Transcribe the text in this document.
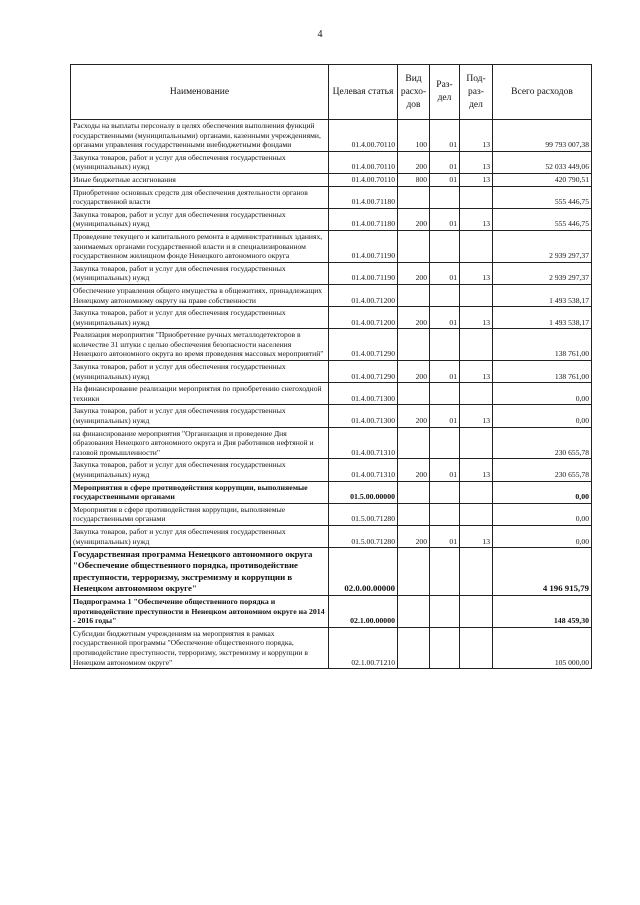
4
Наименование	Целевая статья	Вид расхо-дов	Раз-дел	Под-раз-дел	Всего расходов
Расходы на выплаты персоналу в целях обеспечения выполнения функций государственными (муниципальными) органами, казенными учреждениями, органами управления государственными внебюджетными фондами	01.4.00.70110	100	01	13	99 793 007,38
Закупка товаров, работ и услуг для обеспечения государственных (муниципальных) нужд	01.4.00.70110	200	01	13	52 033 449,06
Иные бюджетные ассигнования	01.4.00.70110	800	01	13	420 790,51
Приобретение основных средств для обеспечения деятельности органов государственной власти	01.4.00.71180				555 446,75
Закупка товаров, работ и услуг для обеспечения государственных (муниципальных) нужд	01.4.00.71180	200	01	13	555 446,75
Проведение текущего и капитального ремонта в административных зданиях, занимаемых органами государственной власти и в специализированном государственном жилищном фонде Ненецкого автономного округа	01.4.00.71190				2 939 297,37
Закупка товаров, работ и услуг для обеспечения государственных (муниципальных) нужд	01.4.00.71190	200	01	13	2 939 297,37
Обеспечение управления общего имущества в общежитиях, принадлежащих Ненецкому автономному округу на праве собственности	01.4.00.71200				1 493 538,17
Закупка товаров, работ и услуг для обеспечения государственных (муниципальных) нужд	01.4.00.71200	200	01	13	1 493 538,17
Реализация мероприятия "Приобретение ручных металлодетекторов в количестве 31 штуки с целью обеспечения безопасности населения Ненецкого автономного округа во время проведения массовых мероприятий"	01.4.00.71290				138 761,00
Закупка товаров, работ и услуг для обеспечения государственных (муниципальных) нужд	01.4.00.71290	200	01	13	138 761,00
На финансирование реализации мероприятия по приобретению снегоходной техники	01.4.00.71300				0,00
Закупка товаров, работ и услуг для обеспечения государственных (муниципальных) нужд	01.4.00.71300	200	01	13	0,00
на финансирование мероприятия "Организация и проведение Дня образования Ненецкого автономного округа и Дня работников нефтяной и газовой промышленности"	01.4.00.71310				230 655,78
Закупка товаров, работ и услуг для обеспечения государственных (муниципальных) нужд	01.4.00.71310	200	01	13	230 655,78
Мероприятия в сфере противодействия коррупции, выполняемые государственными органами	01.5.00.00000				0,00
Мероприятия в сфере противодействия коррупции, выполняемые государственными органами	01.5.00.71280				0,00
Закупка товаров, работ и услуг для обеспечения государственных (муниципальных) нужд	01.5.00.71280	200	01	13	0,00
Государственная программа Ненецкого автономного округа "Обеспечение общественного порядка, противодействие преступности, терроризму, экстремизму и коррупции в Ненецком автономном округе"	02.0.00.00000				4 196 915,79
Подпрограмма 1 "Обеспечение общественного порядка и противодействие преступности в Ненецком автономном округе на 2014 - 2016 годы"	02.1.00.00000				148 459,30
Субсидии бюджетным учреждениям на мероприятия в рамках государственной программы "Обеспечение общественного порядка, противодействие преступности, терроризму, экстремизму и коррупции в Ненецком автономном округе"	02.1.00.71210				105 000,00
